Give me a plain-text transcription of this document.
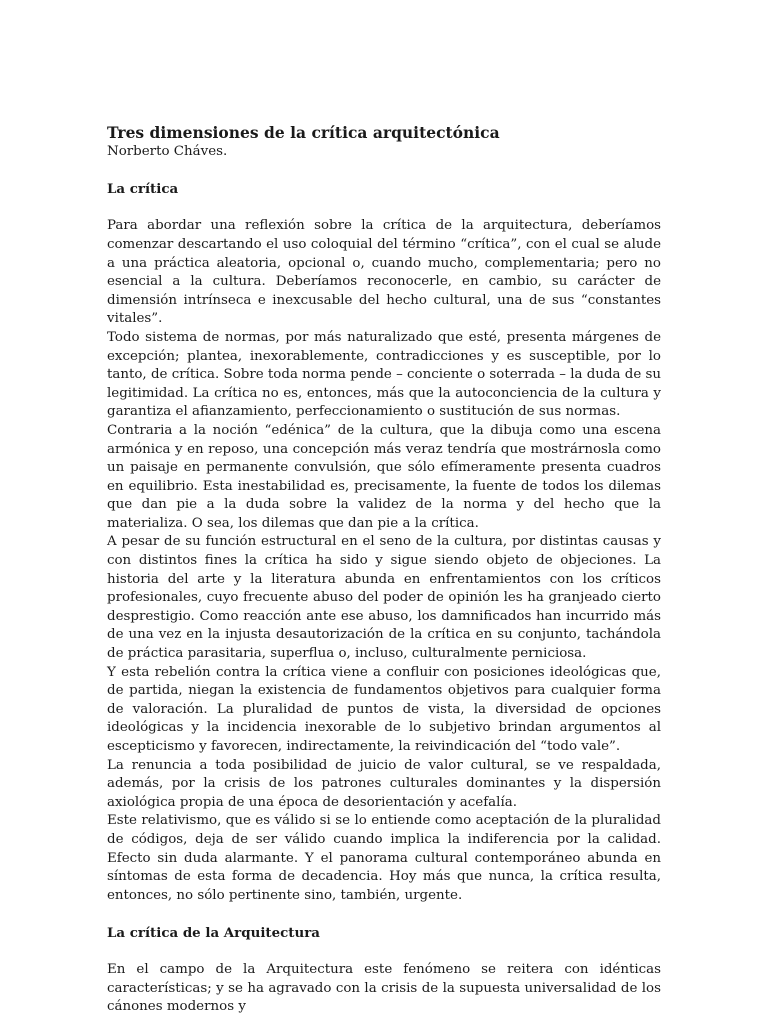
Tres dimensiones de la crítica arquitectónica

Norberto Cháves.

La crítica

Para abordar una reflexión sobre la crítica de la arquitectura, deberíamos comenzar descartando el uso coloquial del término “crítica”, con el cual se alude a una práctica aleatoria, opcional o, cuando mucho, complementaria; pero no esencial a la cultura. Deberíamos reconocerle, en cambio, su carácter de dimensión intrínseca e inexcusable del hecho cultural, una de sus “constantes vitales”.

Todo sistema de normas, por más naturalizado que esté, presenta márgenes de excepción; plantea, inexorablemente, contradicciones y es susceptible, por lo tanto, de crítica. Sobre toda norma pende – conciente o soterrada – la duda de su legitimidad. La crítica no es, entonces, más que la autoconciencia de la cultura y garantiza el afianzamiento, perfeccionamiento o sustitución de sus normas.

Contraria a la noción “edénica” de la cultura, que la dibuja como una escena armónica y en reposo, una concepción más veraz tendría que mostrárnosla como un paisaje en permanente convulsión, que sólo efímeramente presenta cuadros en equilibrio. Esta inestabilidad es, precisamente, la fuente de todos los dilemas que dan pie a la duda sobre la validez de la norma y del hecho que la materializa. O sea, los dilemas que dan pie a la crítica.

A pesar de su función estructural en el seno de la cultura, por distintas causas y con distintos fines la crítica ha sido y sigue siendo objeto de objeciones. La historia del arte y la literatura abunda en enfrentamientos con los críticos profesionales, cuyo frecuente abuso del poder de opinión les ha granjeado cierto desprestigio. Como reacción ante ese abuso, los damnificados han incurrido más de una vez en la injusta desautorización de la crítica en su conjunto, tachándola de práctica parasitaria, superflua o, incluso, culturalmente perniciosa.

Y esta rebelión contra la crítica viene a confluir con posiciones ideológicas que, de partida, niegan la existencia de fundamentos objetivos para cualquier forma de valoración. La pluralidad de puntos de vista, la diversidad de opciones ideológicas y la incidencia inexorable de lo subjetivo brindan argumentos al escepticismo y favorecen, indirectamente, la reivindicación del “todo vale”.

La renuncia a toda posibilidad de juicio de valor cultural, se ve respaldada, además, por la crisis de los patrones culturales dominantes y la dispersión axiológica propia de una época de desorientación y acefalía.

Este relativismo, que es válido si se lo entiende como aceptación de la pluralidad de códigos, deja de ser válido cuando implica la indiferencia por la calidad. Efecto sin duda alarmante. Y el panorama cultural contemporáneo abunda en síntomas de esta forma de decadencia. Hoy más que nunca, la crítica resulta, entonces, no sólo pertinente sino, también, urgente.

La crítica de la Arquitectura

En el campo de la Arquitectura este fenómeno se reitera con idénticas características; y se ha agravado con la crisis de la supuesta universalidad de los cánones modernos y
